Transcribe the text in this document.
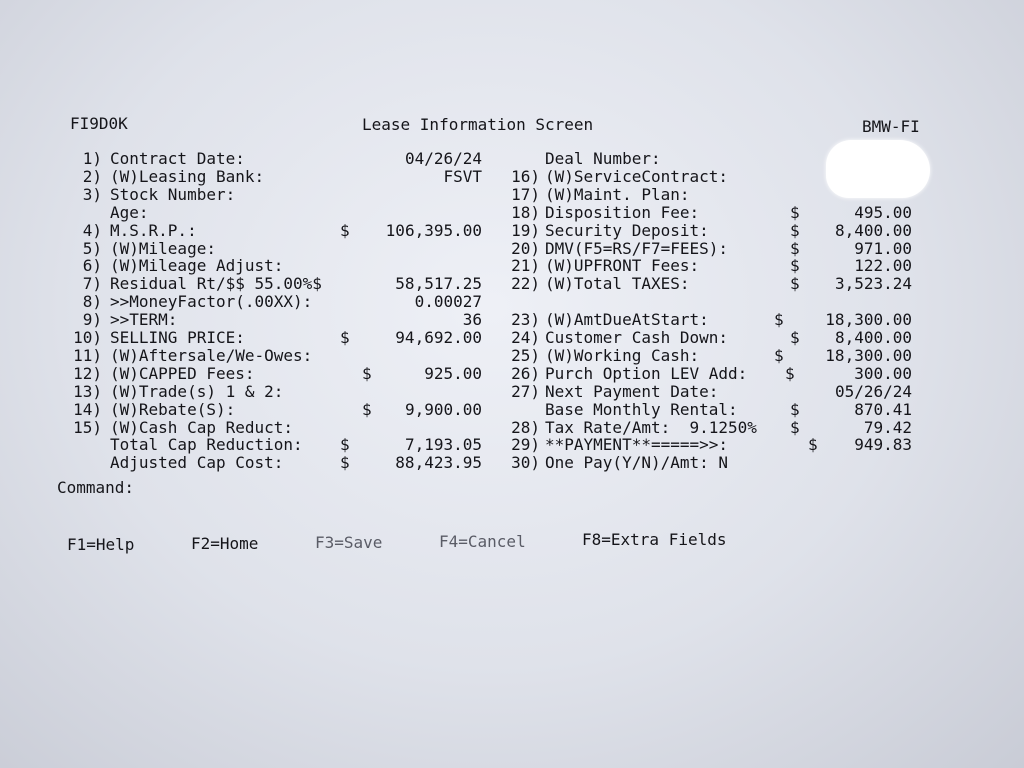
FI9D0K	Lease Information Screen	BMW-FI
1) Contract Date:	04/26/24
2) (W)Leasing Bank:	FSVT
3) Stock Number:
Age:
4) M.S.R.P.:	$	106,395.00
5) (W)Mileage:
6) (W)Mileage Adjust:
7) Residual Rt/$$ 55.00%$	58,517.25
8) >>MoneyFactor(.00XX):	0.00027
9) >>TERM:	36
10) SELLING PRICE:	$	94,692.00
11) (W)Aftersale/We-Owes:
12) (W)CAPPED Fees:	$	925.00
13) (W)Trade(s) 1 & 2:
14) (W)Rebate(S):	$	9,900.00
15) (W)Cash Cap Reduct:
Total Cap Reduction: $	7,193.05
Adjusted Cap Cost:	$	88,423.95
Deal Number:
16) (W)ServiceContract:
17) (W)Maint. Plan:
18) Disposition Fee:	$	495.00
19) Security Deposit:	$	8,400.00
20) DMV(F5=RS/F7=FEES):	$	971.00
21) (W)UPFRONT Fees:	$	122.00
22) (W)Total TAXES:	$	3,523.24
23) (W)AmtDueAtStart:	$	18,300.00
24) Customer Cash Down:	$	8,400.00
25) (W)Working Cash:	$	18,300.00
26) Purch Option LEV Add: $	300.00
27) Next Payment Date:	05/26/24
Base Monthly Rental:	$	870.41
28) Tax Rate/Amt:  9.1250% $	79.42
29) **PAYMENT**=====>>:	$	949.83
30) One Pay(Y/N)/Amt: N
Command:
F1=Help	F2=Home	F3=Save	F4=Cancel	F8=Extra Fields
